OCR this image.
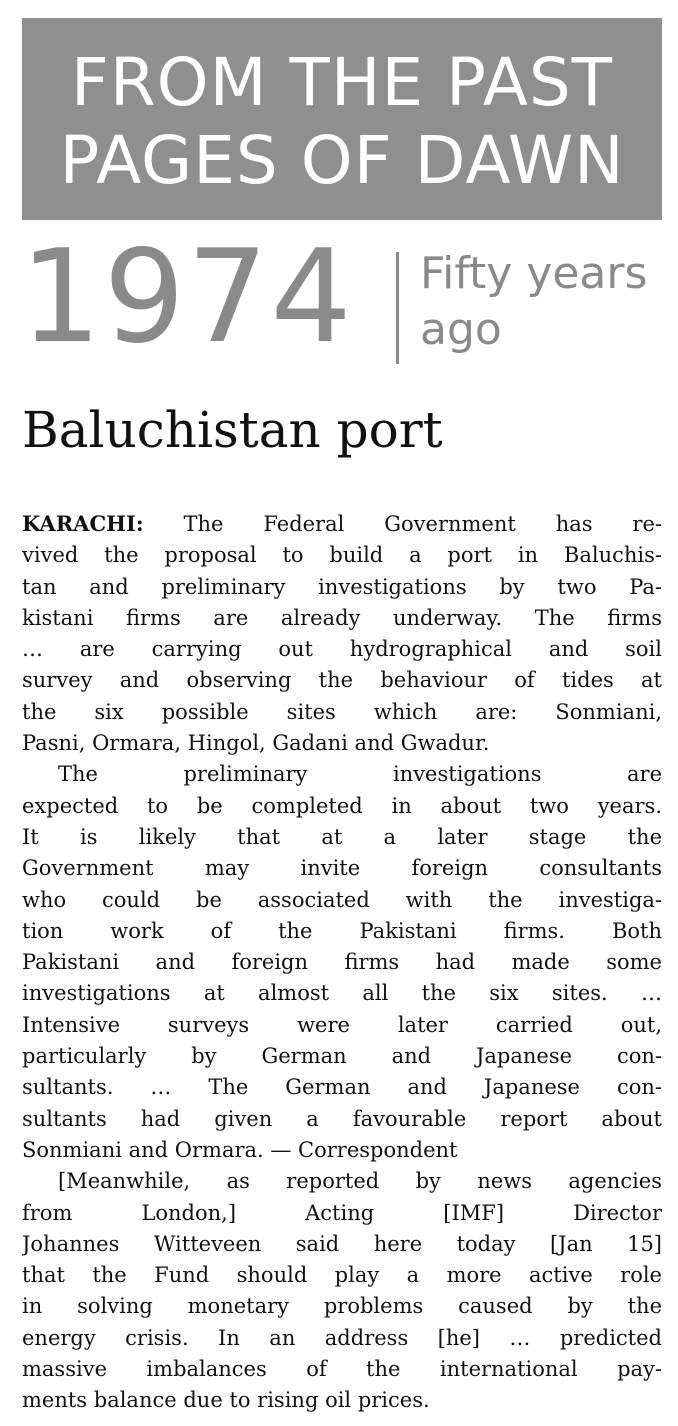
FROM THE PAST
PAGES OF DAWN
1974 Fifty years
ago
Baluchistan port
KARACHI: The Federal Government has re-
vived the proposal to build a port in Baluchis-
tan and preliminary investigations by two Pa-
kistani firms are already underway. The firms
… are carrying out hydrographical and soil
survey and observing the behaviour of tides at
the six possible sites which are: Sonmiani,
Pasni, Ormara, Hingol, Gadani and Gwadur.
The preliminary investigations are
expected to be completed in about two years.
It is likely that at a later stage the
Government may invite foreign consultants
who could be associated with the investiga-
tion work of the Pakistani firms. Both
Pakistani and foreign firms had made some
investigations at almost all the six sites. …
Intensive surveys were later carried out,
particularly by German and Japanese con-
sultants. … The German and Japanese con-
sultants had given a favourable report about
Sonmiani and Ormara. — Correspondent
[Meanwhile, as reported by news agencies
from London,] Acting [IMF] Director
Johannes Witteveen said here today [Jan 15]
that the Fund should play a more active role
in solving monetary problems caused by the
energy crisis. In an address [he] … predicted
massive imbalances of the international pay-
ments balance due to rising oil prices.
